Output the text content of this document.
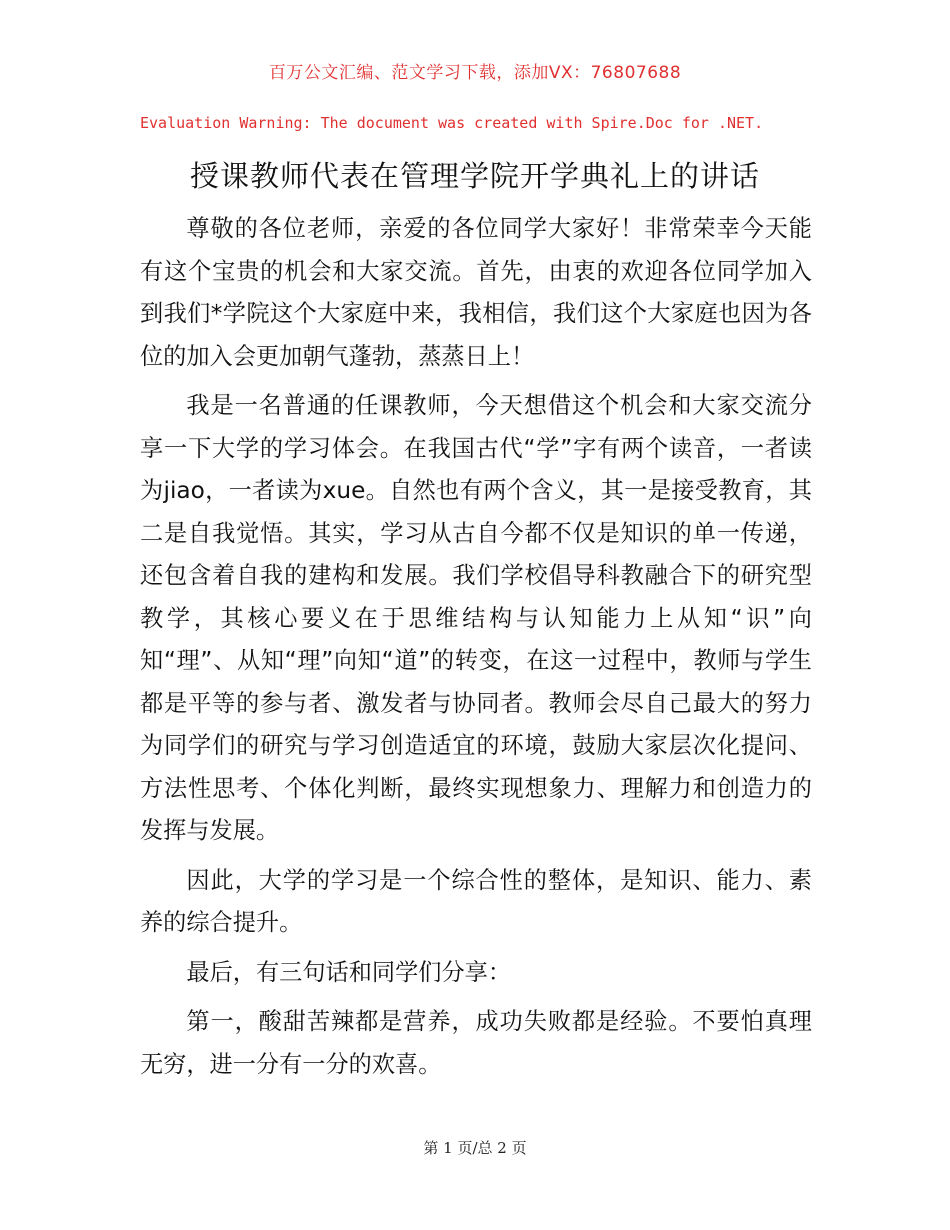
百万公文汇编、范文学习下载，添加VX：76807688
Evaluation Warning: The document was created with Spire.Doc for .NET.
授课教师代表在管理学院开学典礼上的讲话

尊敬的各位老师，亲爱的各位同学大家好！非常荣幸今天能有这个宝贵的机会和大家交流。首先，由衷的欢迎各位同学加入到我们*学院这个大家庭中来，我相信，我们这个大家庭也因为各位的加入会更加朝气蓬勃，蒸蒸日上！

我是一名普通的任课教师，今天想借这个机会和大家交流分享一下大学的学习体会。在我国古代“学”字有两个读音，一者读为jiao，一者读为xue。自然也有两个含义，其一是接受教育，其二是自我觉悟。其实，学习从古自今都不仅是知识的单一传递，还包含着自我的建构和发展。我们学校倡导科教融合下的研究型教学，其核心要义在于思维结构与认知能力上从知“识”向知“理”、从知“理”向知“道”的转变，在这一过程中，教师与学生都是平等的参与者、激发者与协同者。教师会尽自己最大的努力为同学们的研究与学习创造适宜的环境，鼓励大家层次化提问、方法性思考、个体化判断，最终实现想象力、理解力和创造力的发挥与发展。

因此，大学的学习是一个综合性的整体，是知识、能力、素养的综合提升。

最后，有三句话和同学们分享：

第一，酸甜苦辣都是营养，成功失败都是经验。不要怕真理无穷，进一分有一分的欢喜。

第 1 页/总 2 页
